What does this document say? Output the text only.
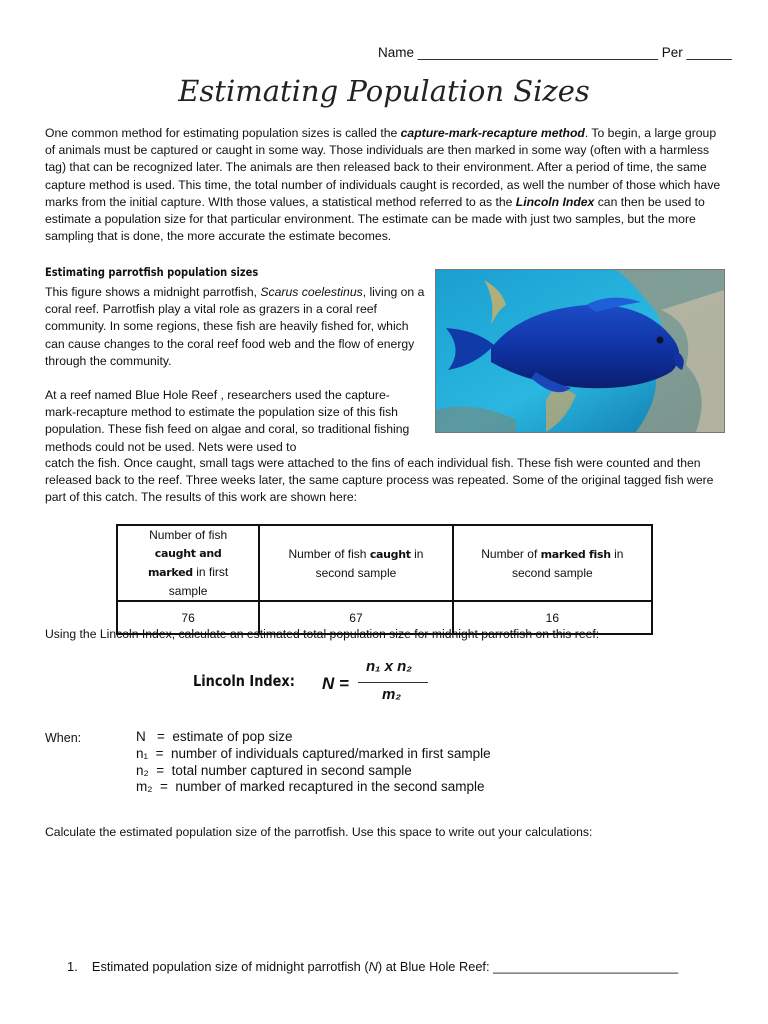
Name ________________________________ Per ______
Estimating Population Sizes
One common method for estimating population sizes is called the capture-mark-recapture method. To begin, a large group of animals must be captured or caught in some way. Those individuals are then marked in some way (often with a harmless tag) that can be recognized later. The animals are then released back to their environment. After a period of time, the same capture method is used. This time, the total number of individuals caught is recorded, as well the number of those which have marks from the initial capture. WIth those values, a statistical method referred to as the Lincoln Index can then be used to estimate a population size for that particular environment. The estimate can be made with just two samples, but the more sampling that is done, the more accurate the estimate becomes.
Estimating parrotfish population sizes
This figure shows a midnight parrotfish, Scarus coelestinus, living on a coral reef. Parrotfish play a vital role as grazers in a coral reef community. In some regions, these fish are heavily fished for, which can cause changes to the coral reef food web and the flow of energy through the community.
At a reef named Blue Hole Reef , researchers used the capture-mark-recapture method to estimate the population size of this fish population. These fish feed on algae and coral, so traditional fishing methods could not be used. Nets were used to
catch the fish. Once caught, small tags were attached to the fins of each individual fish. These fish were counted and then released back to the reef. Three weeks later, the same capture process was repeated. Some of the original tagged fish were part of this catch. The results of this work are shown here:
Number of fish caught and
marked in first sample	Number of fish caught in second sample	Number of marked fish in second sample
76	67	16
Using the Lincoln Index, calculate an estimated total population size for midnight parrotfish on this reef:
Lincoln Index: N =
n₁ x n₂
m₂
When:	N   =  estimate of pop size
n₁  =  number of individuals captured/marked in first sample
n₂  =  total number captured in second sample
m₂  =  number of marked recaptured in the second sample
Calculate the estimated population size of the parrotfish. Use this space to write out your calculations:
1. Estimated population size of midnight parrotfish (N) at Blue Hole Reef: __________________________
